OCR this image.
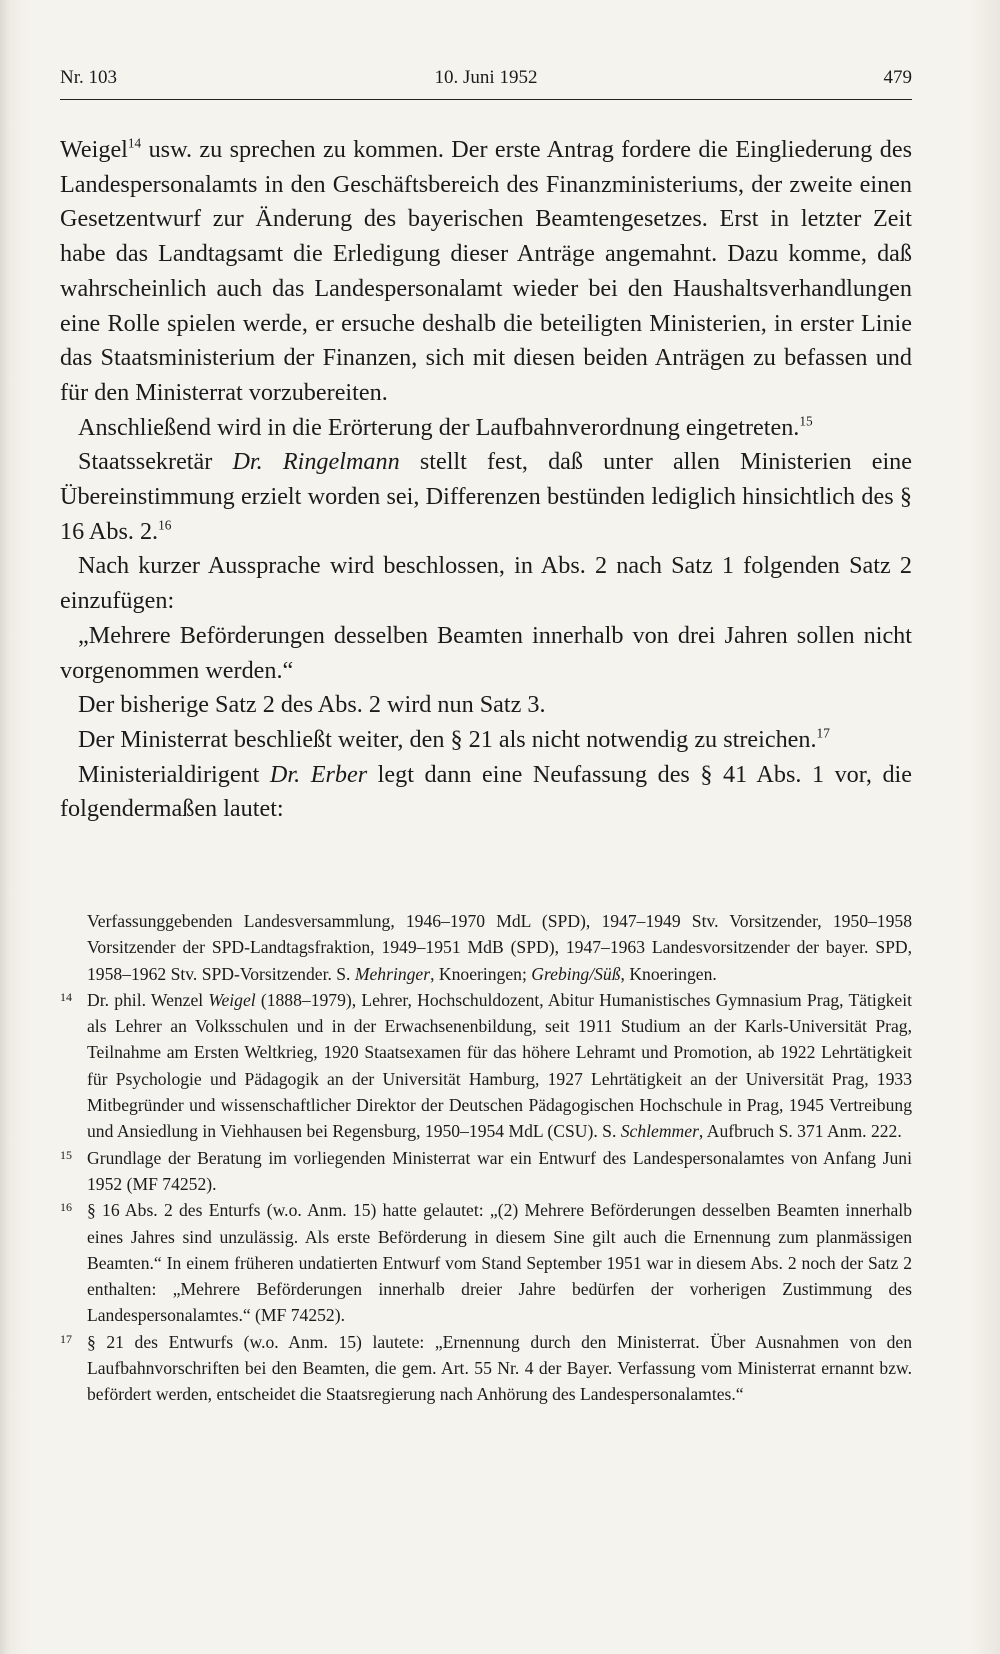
Nr. 103	10. Juni 1952	479

Weigel$^{14}$ usw. zu sprechen zu kommen. Der erste Antrag fordere die Eingliederung des Landespersonalamts in den Geschäftsbereich des Finanzministeriums, der zweite einen Gesetzentwurf zur Änderung des bayerischen Beamtengesetzes. Erst in letzter Zeit habe das Landtagsamt die Erledigung dieser Anträge angemahnt. Dazu komme, daß wahrscheinlich auch das Landespersonalamt wieder bei den Haushaltsverhandlungen eine Rolle spielen werde, er ersuche deshalb die beteiligten Ministerien, in erster Linie das Staatsministerium der Finanzen, sich mit diesen beiden Anträgen zu befassen und für den Ministerrat vorzubereiten.

Anschließend wird in die Erörterung der Laufbahnverordnung eingetreten.$^{15}$

Staatssekretär Dr. Ringelmann stellt fest, daß unter allen Ministerien eine Übereinstimmung erzielt worden sei, Differenzen bestünden lediglich hinsichtlich des § 16 Abs. 2.16

Nach kurzer Aussprache wird beschlossen, in Abs. 2 nach Satz 1 folgenden Satz 2 einzufügen:

„Mehrere Beförderungen desselben Beamten innerhalb von drei Jahren sollen nicht vorgenommen werden.“

Der bisherige Satz 2 des Abs. 2 wird nun Satz 3.

Der Ministerrat beschließt weiter, den § 21 als nicht notwendig zu streichen.$^{17}$

Ministerialdirigent Dr. Erber legt dann eine Neufassung des § 41 Abs. 1 vor, die folgendermaßen lautet:

Verfassunggebenden Landesversammlung, 1946–1970 MdL (SPD), 1947–1949 Stv. Vorsitzender, 1950–1958 Vorsitzender der SPD-Landtagsfraktion, 1949–1951 MdB (SPD), 1947–1963 Landesvorsitzender der bayer. SPD, 1958–1962 Stv. SPD-Vorsitzender. S. Mehringer, Knoeringen; Grebing/Süß, Knoeringen.

14 Dr. phil. Wenzel Weigel (1888–1979), Lehrer, Hochschuldozent, Abitur Humanistisches Gymnasium Prag, Tätigkeit als Lehrer an Volksschulen und in der Erwachsenenbildung, seit 1911 Studium an der Karls-Universität Prag, Teilnahme am Ersten Weltkrieg, 1920 Staatsexamen für das höhere Lehramt und Promotion, ab 1922 Lehrtätigkeit für Psychologie und Pädagogik an der Universität Hamburg, 1927 Lehrtätigkeit an der Universität Prag, 1933 Mitbegründer und wissenschaftlicher Direktor der Deutschen Pädagogischen Hochschule in Prag, 1945 Vertreibung und Ansiedlung in Viehhausen bei Regensburg, 1950–1954 MdL (CSU). S. Schlemmer, Aufbruch S. 371 Anm. 222.

15 Grundlage der Beratung im vorliegenden Ministerrat war ein Entwurf des Landespersonalamtes von Anfang Juni 1952 (MF 74252).

16 § 16 Abs. 2 des Enturfs (w.o. Anm. 15) hatte gelautet: „(2) Mehrere Beförderungen desselben Beamten innerhalb eines Jahres sind unzulässig. Als erste Beförderung in diesem Sine gilt auch die Ernennung zum planmässigen Beamten.“ In einem früheren undatierten Entwurf vom Stand September 1951 war in diesem Abs. 2 noch der Satz 2 enthalten: „Mehrere Beförderungen innerhalb dreier Jahre bedürfen der vorherigen Zustimmung des Landespersonalamtes.“ (MF 74252).

17 § 21 des Entwurfs (w.o. Anm. 15) lautete: „Ernennung durch den Ministerrat. Über Ausnahmen von den Laufbahnvorschriften bei den Beamten, die gem. Art. 55 Nr. 4 der Bayer. Verfassung vom Ministerrat ernannt bzw. befördert werden, entscheidet die Staatsregierung nach Anhörung des Landespersonalamtes.“
